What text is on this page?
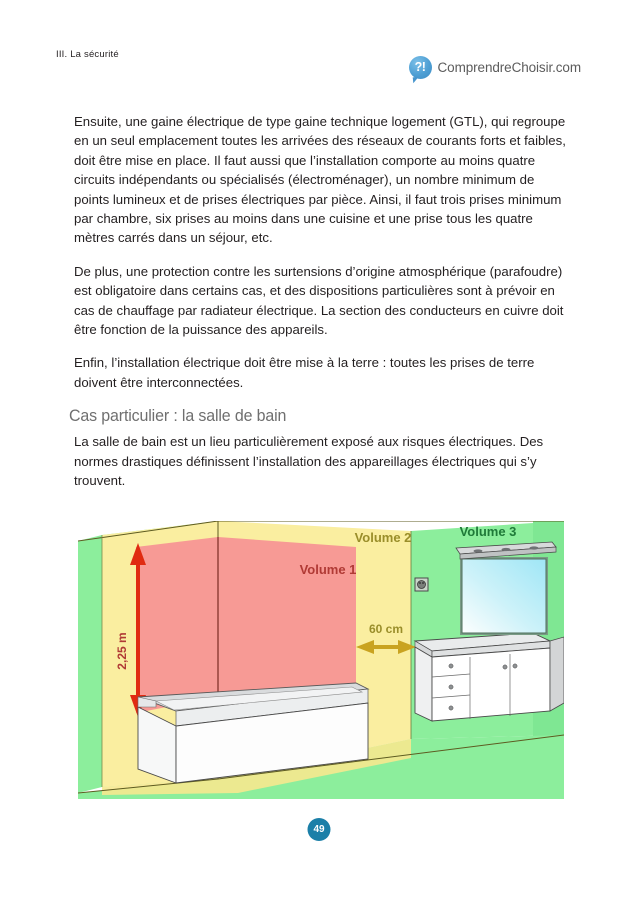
III. La sécurité
?! ComprendreChoisir.com

Ensuite, une gaine électrique de type gaine technique logement (GTL), qui regroupe en un seul emplacement toutes les arrivées des réseaux de courants forts et faibles, doit être mise en place. Il faut aussi que l’installation comporte au moins quatre circuits indépendants ou spécialisés (électroménager), un nombre minimum de points lumineux et de prises électriques par pièce. Ainsi, il faut trois prises minimum par chambre, six prises au moins dans une cuisine et une prise tous les quatre mètres carrés dans un séjour, etc.

De plus, une protection contre les surtensions d’origine atmosphérique (parafoudre) est obligatoire dans certains cas, et des dispositions particulières sont à prévoir en cas de chauffage par radiateur électrique. La section des conducteurs en cuivre doit être fonction de la puissance des appareils.

Enfin, l’installation électrique doit être mise à la terre : toutes les prises de terre doivent être interconnectées.

Cas particulier : la salle de bain

La salle de bain est un lieu particulièrement exposé aux risques électriques. Des normes drastiques définissent l’installation des appareillages électriques qui s’y trouvent.

2,25 m
60 cm
Volume 1
Volume 2	Volume 3
49
